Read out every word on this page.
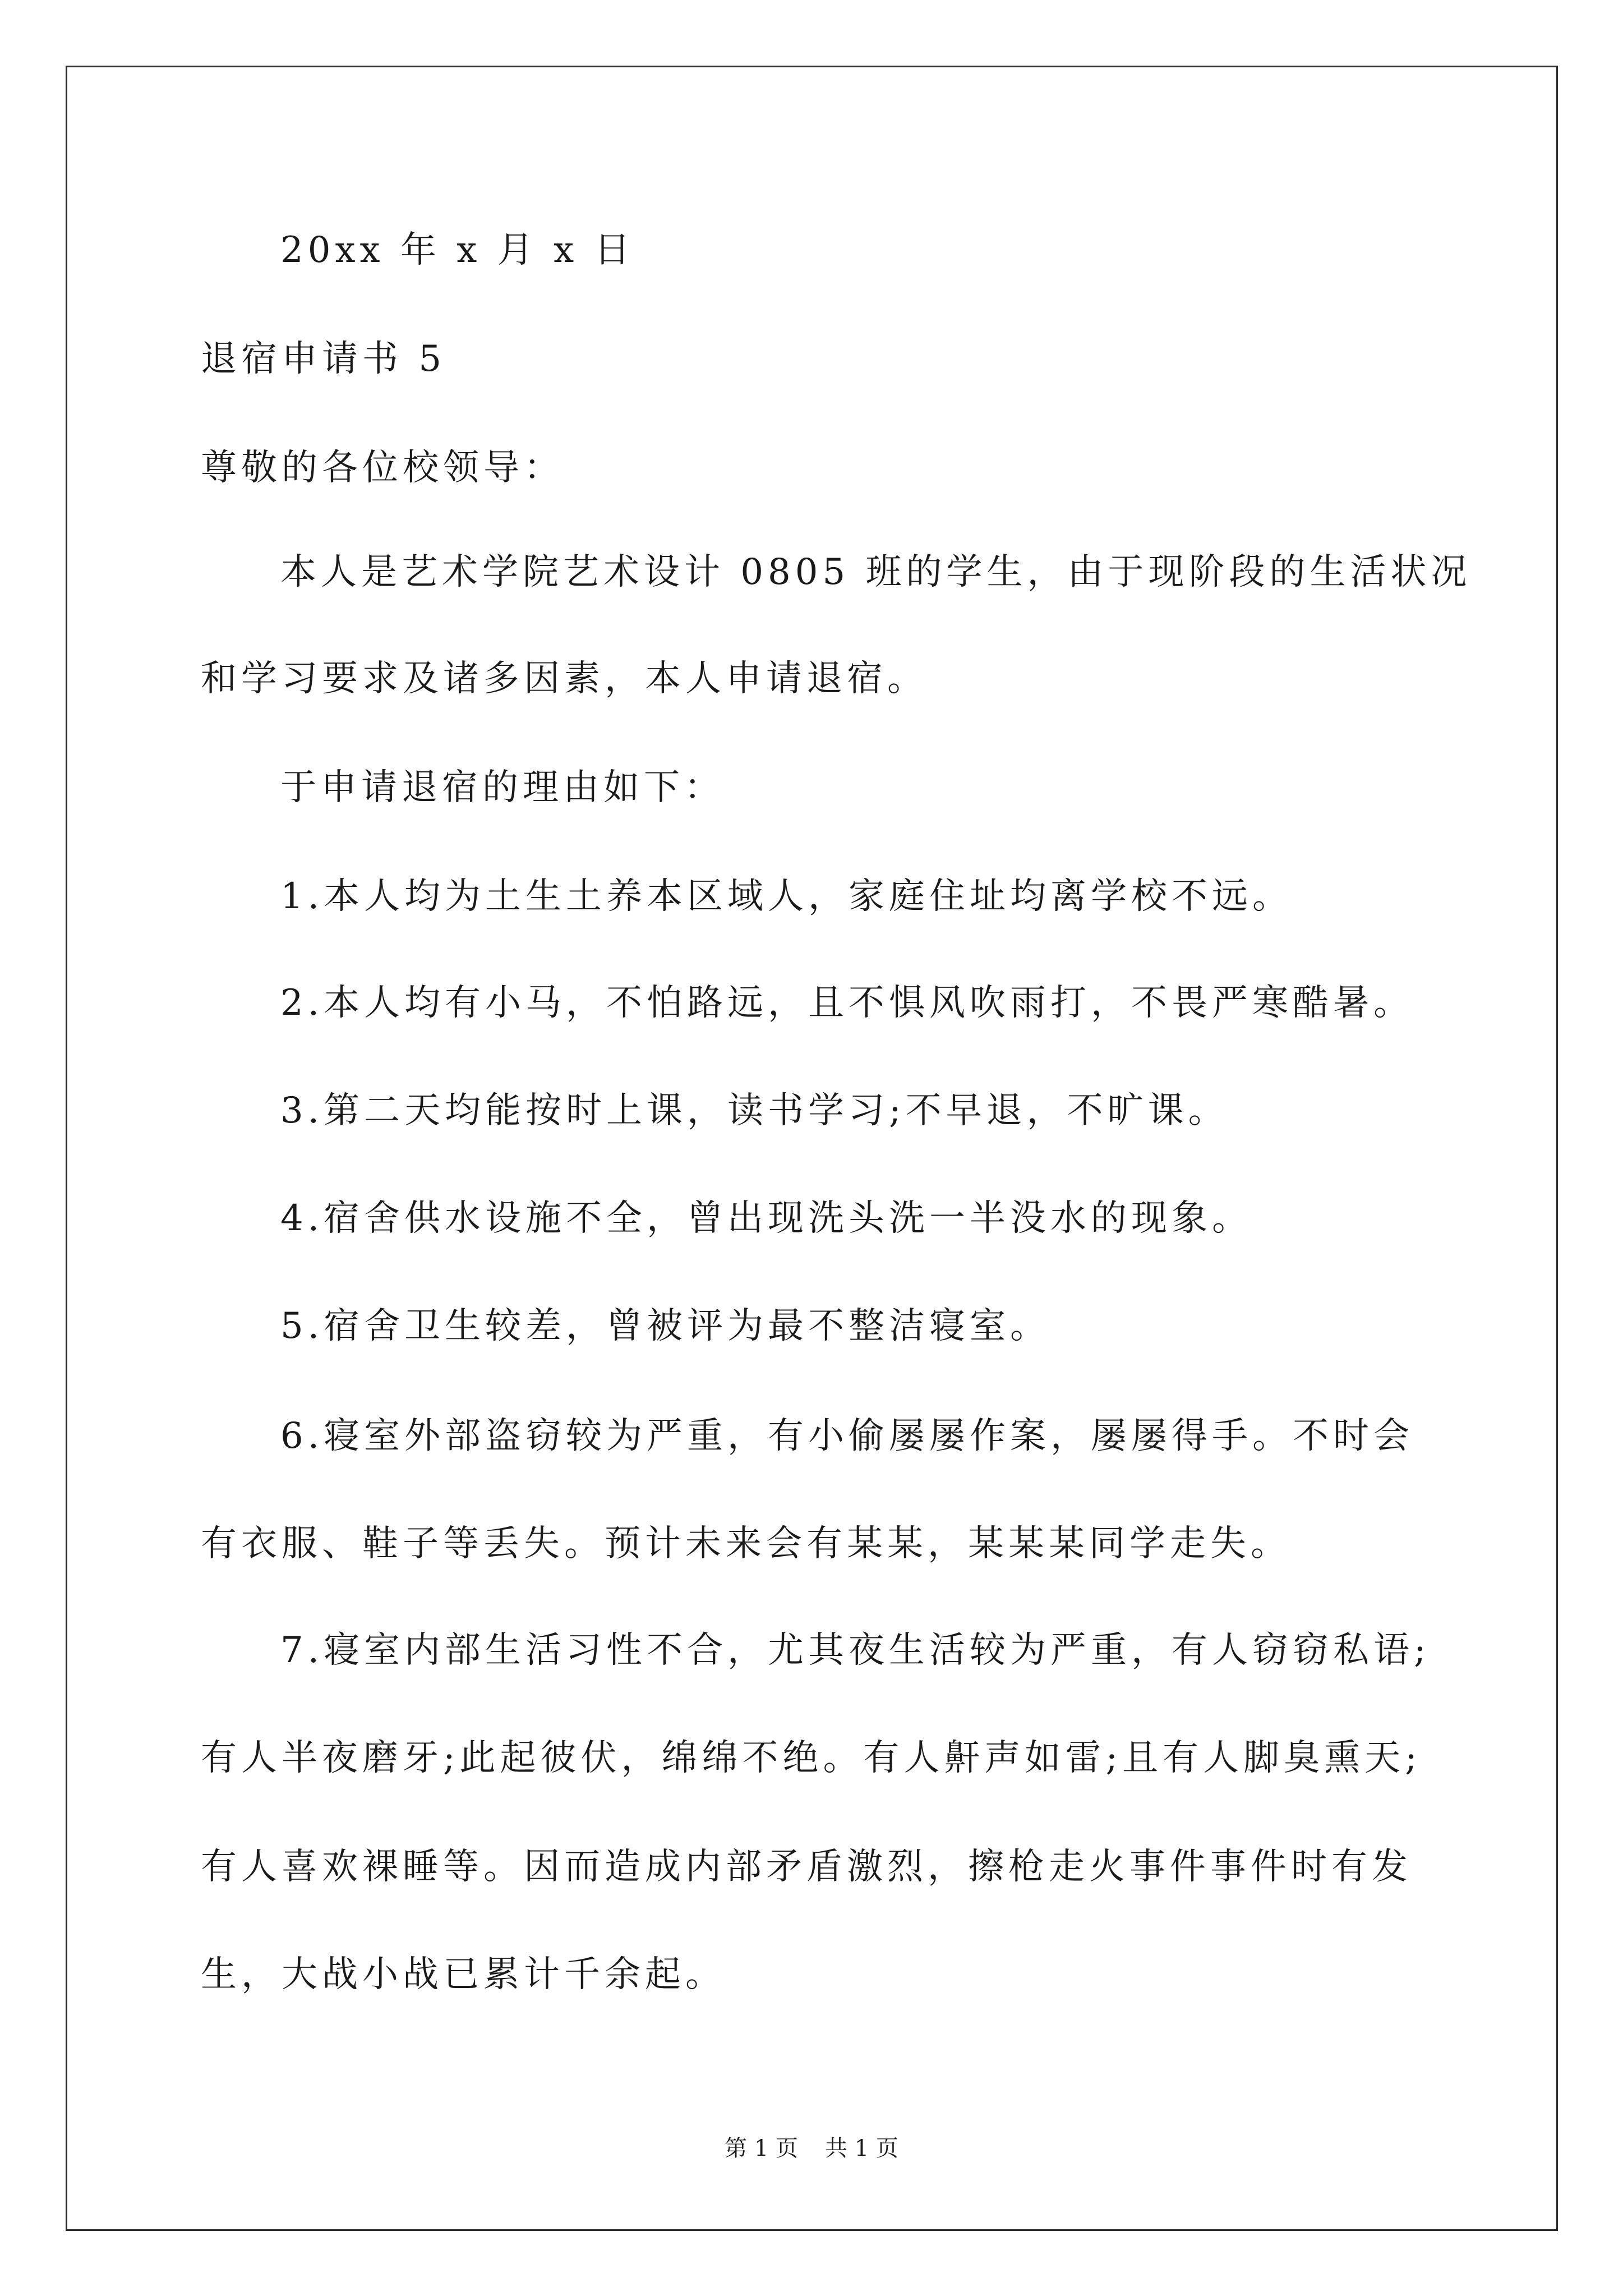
20xx 年 x 月 x 日
退宿申请书 5
尊敬的各位校领导：
本人是艺术学院艺术设计 0805 班的学生，由于现阶段的生活状况
和学习要求及诸多因素，本人申请退宿。
于申请退宿的理由如下：
1.本人均为土生土养本区域人，家庭住址均离学校不远。
2.本人均有小马，不怕路远，且不惧风吹雨打，不畏严寒酷暑。
3.第二天均能按时上课，读书学习;不早退，不旷课。
4.宿舍供水设施不全，曾出现洗头洗一半没水的现象。
5.宿舍卫生较差，曾被评为最不整洁寝室。
6.寝室外部盗窃较为严重，有小偷屡屡作案，屡屡得手。不时会
有衣服、鞋子等丢失。预计未来会有某某，某某某同学走失。
7.寝室内部生活习性不合，尤其夜生活较为严重，有人窃窃私语;
有人半夜磨牙;此起彼伏，绵绵不绝。有人鼾声如雷;且有人脚臭熏天;
有人喜欢裸睡等。因而造成内部矛盾激烈，擦枪走火事件事件时有发
生，大战小战已累计千余起。
第 1 页 共 1 页
